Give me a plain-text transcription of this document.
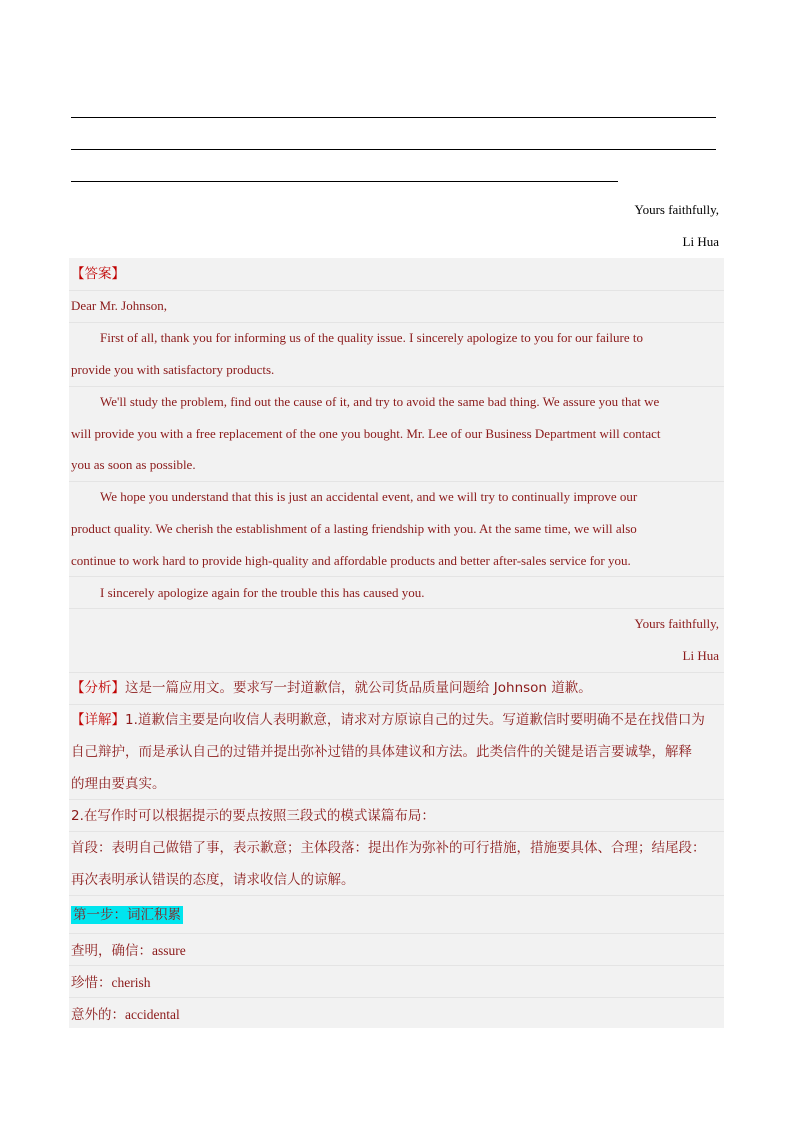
Yours faithfully,
Li Hua
【答案】
Dear Mr. Johnson,
First of all, thank you for informing us of the quality issue. I sincerely apologize to you for our failure to
provide you with satisfactory products.
We'll study the problem, find out the cause of it, and try to avoid the same bad thing. We assure you that we
will provide you with a free replacement of the one you bought. Mr. Lee of our Business Department will contact
you as soon as possible.
We hope you understand that this is just an accidental event, and we will try to continually improve our
product quality. We cherish the establishment of a lasting friendship with you. At the same time, we will also
continue to work hard to provide high-quality and affordable products and better after-sales service for you.
I sincerely apologize again for the trouble this has caused you.
Yours faithfully,
Li Hua
【分析】这是一篇应用文。要求写一封道歉信，就公司货品质量问题给 Johnson 道歉。
【详解】1.道歉信主要是向收信人表明歉意，请求对方原谅自己的过失。写道歉信时要明确不是在找借口为
自己辩护，而是承认自己的过错并提出弥补过错的具体建议和方法。此类信件的关键是语言要诚挚，解释
的理由要真实。
2.在写作时可以根据提示的要点按照三段式的模式谋篇布局：
首段：表明自己做错了事，表示歉意；主体段落：提出作为弥补的可行措施，措施要具体、合理；结尾段：
再次表明承认错误的态度，请求收信人的谅解。
第一步：词汇积累
查明，确信：assure
珍惜：cherish
意外的：accidental
